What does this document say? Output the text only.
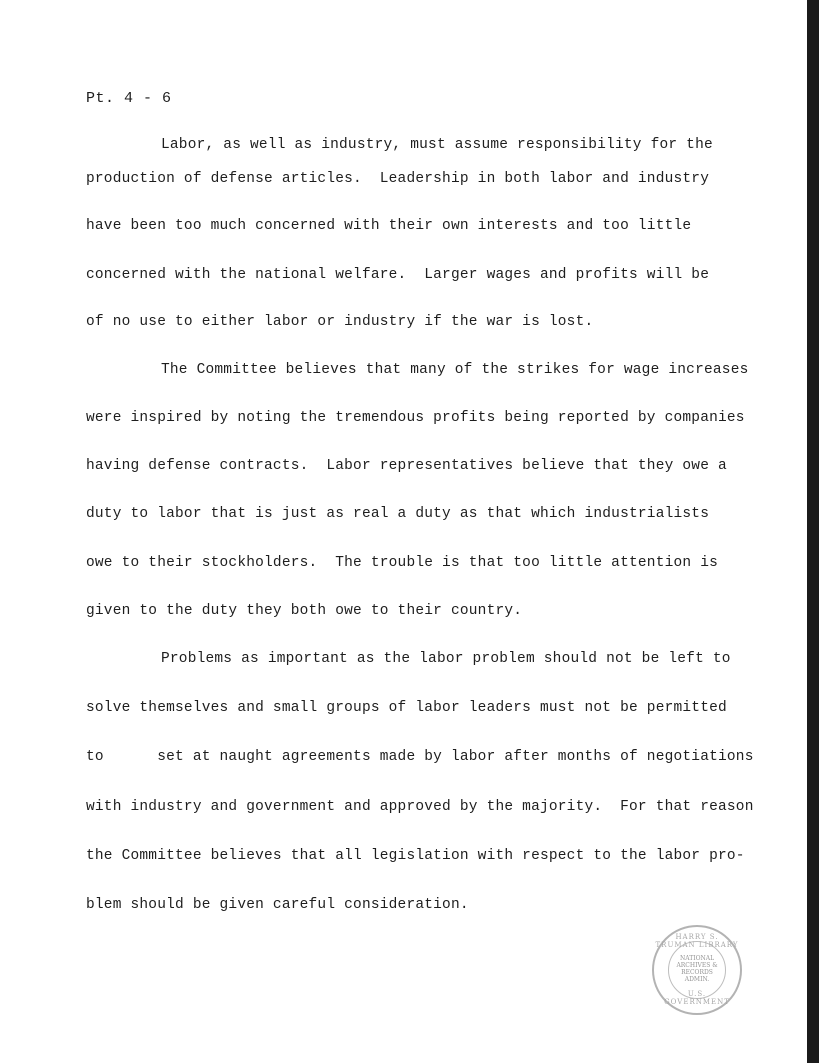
Pt. 4 - 6

Labor, as well as industry, must assume responsibility for the

production of defense articles.  Leadership in both labor and industry

have been too much concerned with their own interests and too little

concerned with the national welfare.  Larger wages and profits will be

of no use to either labor or industry if the war is lost.

The Committee believes that many of the strikes for wage increases

were inspired by noting the tremendous profits being reported by companies

having defense contracts.  Labor representatives believe that they owe a

duty to labor that is just as real a duty as that which industrialists

owe to their stockholders.  The trouble is that too little attention is

given to the duty they both owe to their country.

Problems as important as the labor problem should not be left to

solve themselves and small groups of labor leaders must not be permitted

to      set at naught agreements made by labor after months of negotiations

with industry and government and approved by the majority.  For that reason

the Committee believes that all legislation with respect to the labor pro-

blem should be given careful consideration.

HARRY S. TRUMAN LIBRARY
NATIONAL
ARCHIVES &
RECORDS
ADMIN.
U.S. GOVERNMENT
